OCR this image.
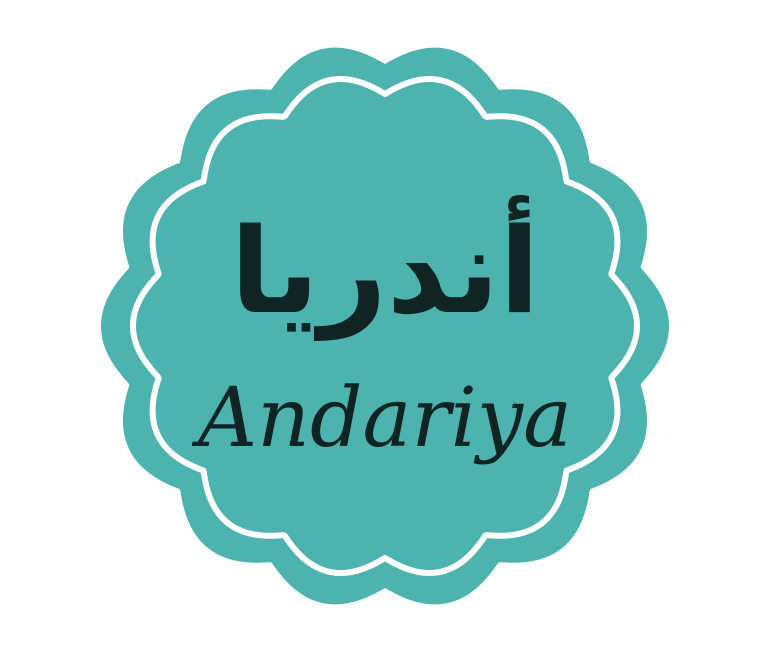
أندريا
Andariya
